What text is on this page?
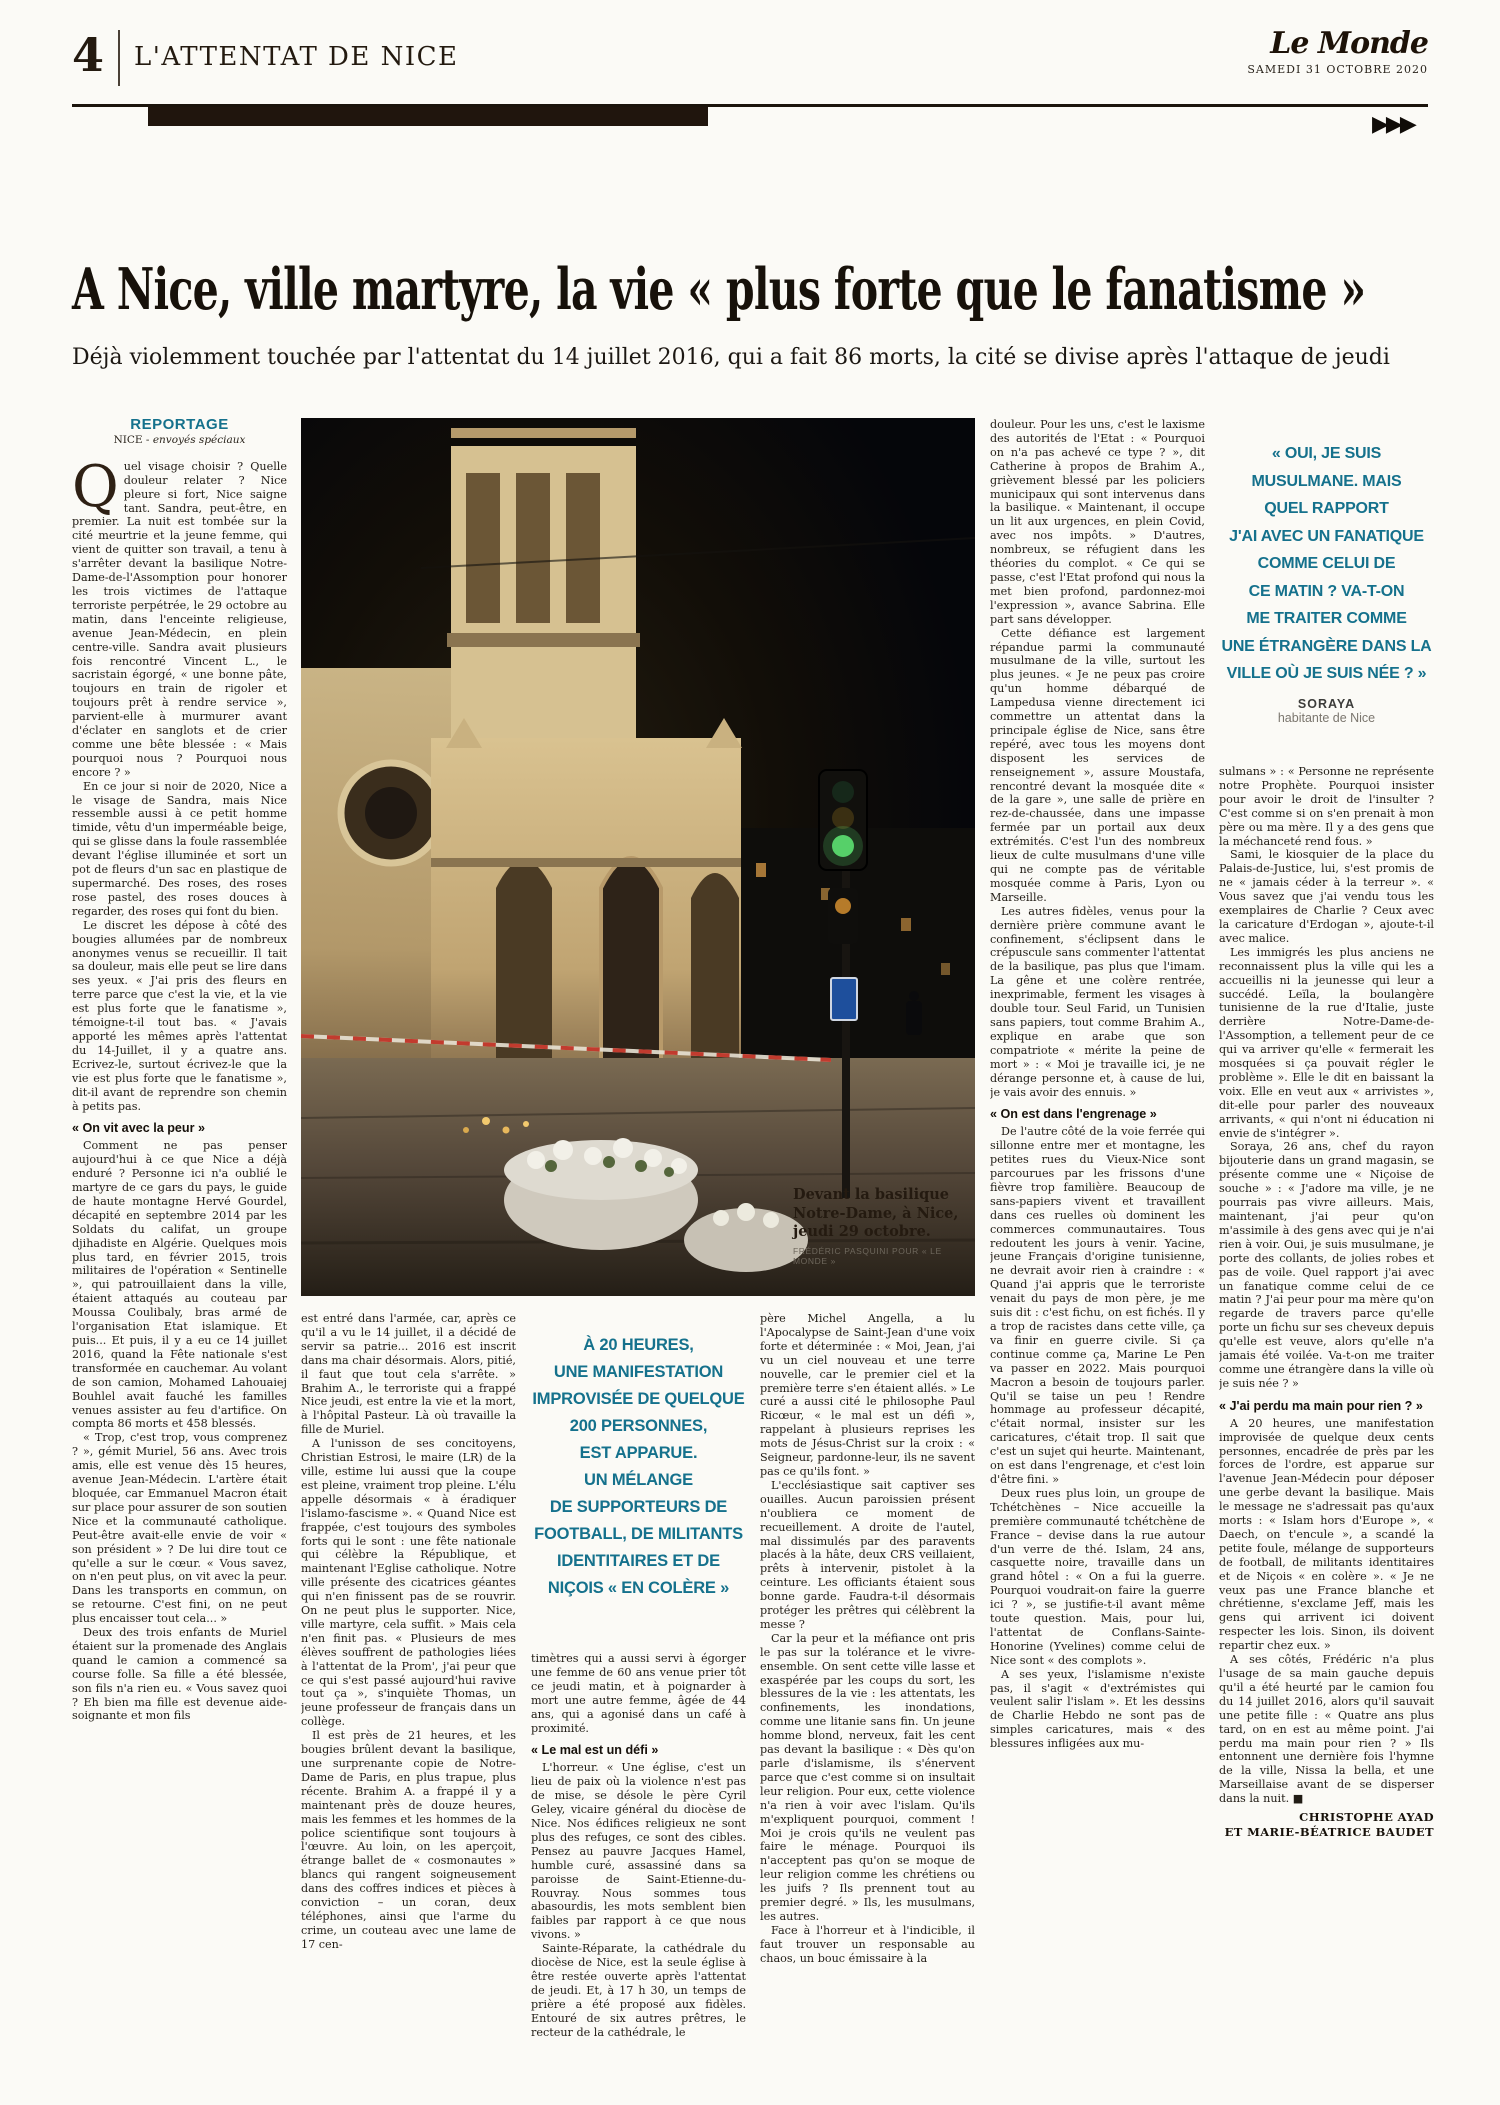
4 L'ATTENTAT DE NICE	Le Monde
SAMEDI 31 OCTOBRE 2020
▶▶▶
A Nice, ville martyre, la vie « plus forte que le fanatisme »
Déjà violemment touchée par l'attentat du 14 juillet 2016, qui a fait 86 morts, la cité se divise après l'attaque de jeudi
Devant la basilique
Notre-Dame, à Nice,
jeudi 29 octobre.
FRÉDÉRIC PASQUINI POUR « LE MONDE »
REPORTAGE
NICE - envoyés spéciaux
Quel visage choisir ? Quelle douleur relater ? Nice pleure si fort, Nice saigne tant. Sandra, peut-être, en premier. La nuit est tombée sur la cité meurtrie et la jeune femme, qui vient de quitter son travail, a tenu à s'arrêter devant la basilique Notre-Dame-de-l'Assomption pour honorer les trois victimes de l'attaque terroriste perpétrée, le 29 octobre au matin, dans l'enceinte religieuse, avenue Jean-Médecin, en plein centre-ville. Sandra avait plusieurs fois rencontré Vincent L., le sacristain égorgé, « une bonne pâte, toujours en train de rigoler et toujours prêt à rendre service », parvient-elle à murmurer avant d'éclater en sanglots et de crier comme une bête blessée : « Mais pourquoi nous ? Pourquoi nous encore ? »
En ce jour si noir de 2020, Nice a le visage de Sandra, mais Nice ressemble aussi à ce petit homme timide, vêtu d'un imperméable beige, qui se glisse dans la foule rassemblée devant l'église illuminée et sort un pot de fleurs d'un sac en plastique de supermarché. Des roses, des roses rose pastel, des roses douces à regarder, des roses qui font du bien.
Le discret les dépose à côté des bougies allumées par de nombreux anonymes venus se recueillir. Il tait sa douleur, mais elle peut se lire dans ses yeux. « J'ai pris des fleurs en terre parce que c'est la vie, et la vie est plus forte que le fanatisme », témoigne-t-il tout bas. « J'avais apporté les mêmes après l'attentat du 14-Juillet, il y a quatre ans. Ecrivez-le, surtout écrivez-le que la vie est plus forte que le fanatisme », dit-il avant de reprendre son chemin à petits pas.
« On vit avec la peur »
Comment ne pas penser aujourd'hui à ce que Nice a déjà enduré ? Personne ici n'a oublié le martyre de ce gars du pays, le guide de haute montagne Hervé Gourdel, décapité en septembre 2014 par les Soldats du califat, un groupe djihadiste en Algérie. Quelques mois plus tard, en février 2015, trois militaires de l'opération « Sentinelle », qui patrouillaient dans la ville, étaient attaqués au couteau par Moussa Coulibaly, bras armé de l'organisation Etat islamique. Et puis... Et puis, il y a eu ce 14 juillet 2016, quand la Fête nationale s'est transformée en cauchemar. Au volant de son camion, Mohamed Lahouaiej Bouhlel avait fauché les familles venues assister au feu d'artifice. On compta 86 morts et 458 blessés.
« Trop, c'est trop, vous comprenez ? », gémit Muriel, 56 ans. Avec trois amis, elle est venue dès 15 heures, avenue Jean-Médecin. L'artère était bloquée, car Emmanuel Macron était sur place pour assurer de son soutien Nice et la communauté catholique. Peut-être avait-elle envie de voir « son président » ? De lui dire tout ce qu'elle a sur le cœur. « Vous savez, on n'en peut plus, on vit avec la peur. Dans les transports en commun, on se retourne. C'est fini, on ne peut plus encaisser tout cela... »
Deux des trois enfants de Muriel étaient sur la promenade des Anglais quand le camion a commencé sa course folle. Sa fille a été blessée, son fils n'a rien eu. « Vous savez quoi ? Eh bien ma fille est devenue aide-soignante et mon fils
est entré dans l'armée, car, après ce qu'il a vu le 14 juillet, il a décidé de servir sa patrie... 2016 est inscrit dans ma chair désormais. Alors, pitié, il faut que tout cela s'arrête. » Brahim A., le terroriste qui a frappé Nice jeudi, est entre la vie et la mort, à l'hôpital Pasteur. Là où travaille la fille de Muriel.
A l'unisson de ses concitoyens, Christian Estrosi, le maire (LR) de la ville, estime lui aussi que la coupe est pleine, vraiment trop pleine. L'élu appelle désormais « à éradiquer l'islamo-fascisme ». « Quand Nice est frappée, c'est toujours des symboles forts qui le sont : une fête nationale qui célèbre la République, et maintenant l'Eglise catholique. Notre ville présente des cicatrices géantes qui n'en finissent pas de se rouvrir. On ne peut plus le supporter. Nice, ville martyre, cela suffit. » Mais cela n'en finit pas. « Plusieurs de mes élèves souffrent de pathologies liées à l'attentat de la Prom', j'ai peur que ce qui s'est passé aujourd'hui ravive tout ça », s'inquiète Thomas, un jeune professeur de français dans un collège.
Il est près de 21 heures, et les bougies brûlent devant la basilique, une surprenante copie de Notre-Dame de Paris, en plus trapue, plus récente. Brahim A. a frappé il y a maintenant près de douze heures, mais les femmes et les hommes de la police scientifique sont toujours à l'œuvre. Au loin, on les aperçoit, étrange ballet de « cosmonautes » blancs qui rangent soigneusement dans des coffres indices et pièces à conviction – un coran, deux téléphones, ainsi que l'arme du crime, un couteau avec une lame de 17 cen-
À 20 HEURES,
UNE MANIFESTATION
IMPROVISÉE DE QUELQUE
200 PERSONNES,
EST APPARUE.
UN MÉLANGE
DE SUPPORTEURS DE
FOOTBALL, DE MILITANTS
IDENTITAIRES ET DE
NIÇOIS « EN COLÈRE »
timètres qui a aussi servi à égorger une femme de 60 ans venue prier tôt ce jeudi matin, et à poignarder à mort une autre femme, âgée de 44 ans, qui a agonisé dans un café à proximité.
« Le mal est un défi »
L'horreur. « Une église, c'est un lieu de paix où la violence n'est pas de mise, se désole le père Cyril Geley, vicaire général du diocèse de Nice. Nos édifices religieux ne sont plus des refuges, ce sont des cibles. Pensez au pauvre Jacques Hamel, humble curé, assassiné dans sa paroisse de Saint-Etienne-du-Rouvray. Nous sommes tous abasourdis, les mots semblent bien faibles par rapport à ce que nous vivons. »
Sainte-Réparate, la cathédrale du diocèse de Nice, est la seule église à être restée ouverte après l'attentat de jeudi. Et, à 17 h 30, un temps de prière a été proposé aux fidèles. Entouré de six autres prêtres, le recteur de la cathédrale, le
père Michel Angella, a lu l'Apocalypse de Saint-Jean d'une voix forte et déterminée : « Moi, Jean, j'ai vu un ciel nouveau et une terre nouvelle, car le premier ciel et la première terre s'en étaient allés. » Le curé a aussi cité le philosophe Paul Ricœur, « le mal est un défi », rappelant à plusieurs reprises les mots de Jésus-Christ sur la croix : « Seigneur, pardonne-leur, ils ne savent pas ce qu'ils font. »
L'ecclésiastique sait captiver ses ouailles. Aucun paroissien présent n'oubliera ce moment de recueillement. A droite de l'autel, mal dissimulés par des paravents placés à la hâte, deux CRS veillaient, prêts à intervenir, pistolet à la ceinture. Les officiants étaient sous bonne garde. Faudra-t-il désormais protéger les prêtres qui célèbrent la messe ?
Car la peur et la méfiance ont pris le pas sur la tolérance et le vivre-ensemble. On sent cette ville lasse et exaspérée par les coups du sort, les blessures de la vie : les attentats, les confinements, les inondations, comme une litanie sans fin. Un jeune homme blond, nerveux, fait les cent pas devant la basilique : « Dès qu'on parle d'islamisme, ils s'énervent parce que c'est comme si on insultait leur religion. Pour eux, cette violence n'a rien à voir avec l'islam. Qu'ils m'expliquent pourquoi, comment ! Moi je crois qu'ils ne veulent pas faire le ménage. Pourquoi ils n'acceptent pas qu'on se moque de leur religion comme les chrétiens ou les juifs ? Ils prennent tout au premier degré. » Ils, les musulmans, les autres.
Face à l'horreur et à l'indicible, il faut trouver un responsable au chaos, un bouc émissaire à la
douleur. Pour les uns, c'est le laxisme des autorités de l'Etat : « Pourquoi on n'a pas achevé ce type ? », dit Catherine à propos de Brahim A., grièvement blessé par les policiers municipaux qui sont intervenus dans la basilique. « Maintenant, il occupe un lit aux urgences, en plein Covid, avec nos impôts. » D'autres, nombreux, se réfugient dans les théories du complot. « Ce qui se passe, c'est l'Etat profond qui nous la met bien profond, pardonnez-moi l'expression », avance Sabrina. Elle part sans développer.
Cette défiance est largement répandue parmi la communauté musulmane de la ville, surtout les plus jeunes. « Je ne peux pas croire qu'un homme débarqué de Lampedusa vienne directement ici commettre un attentat dans la principale église de Nice, sans être repéré, avec tous les moyens dont disposent les services de renseignement », assure Moustafa, rencontré devant la mosquée dite « de la gare », une salle de prière en rez-de-chaussée, dans une impasse fermée par un portail aux deux extrémités. C'est l'un des nombreux lieux de culte musulmans d'une ville qui ne compte pas de véritable mosquée comme à Paris, Lyon ou Marseille.
Les autres fidèles, venus pour la dernière prière commune avant le confinement, s'éclipsent dans le crépuscule sans commenter l'attentat de la basilique, pas plus que l'imam. La gêne et une colère rentrée, inexprimable, ferment les visages à double tour. Seul Farid, un Tunisien sans papiers, tout comme Brahim A., explique en arabe que son compatriote « mérite la peine de mort » : « Moi je travaille ici, je ne dérange personne et, à cause de lui, je vais avoir des ennuis. »
« On est dans l'engrenage »
De l'autre côté de la voie ferrée qui sillonne entre mer et montagne, les petites rues du Vieux-Nice sont parcourues par les frissons d'une fièvre trop familière. Beaucoup de sans-papiers vivent et travaillent dans ces ruelles où dominent les commerces communautaires. Tous redoutent les jours à venir. Yacine, jeune Français d'origine tunisienne, ne devrait avoir rien à craindre : « Quand j'ai appris que le terroriste venait du pays de mon père, je me suis dit : c'est fichu, on est fichés. Il y a trop de racistes dans cette ville, ça va finir en guerre civile. Si ça continue comme ça, Marine Le Pen va passer en 2022. Mais pourquoi Macron a besoin de toujours parler. Qu'il se taise un peu ! Rendre hommage au professeur décapité, c'était normal, insister sur les caricatures, c'était trop. Il sait que c'est un sujet qui heurte. Maintenant, on est dans l'engrenage, et c'est loin d'être fini. »
Deux rues plus loin, un groupe de Tchétchènes – Nice accueille la première communauté tchétchène de France – devise dans la rue autour d'un verre de thé. Islam, 24 ans, casquette noire, travaille dans un grand hôtel : « On a fui la guerre. Pourquoi voudrait-on faire la guerre ici ? », se justifie-t-il avant même toute question. Mais, pour lui, l'attentat de Conflans-Sainte-Honorine (Yvelines) comme celui de Nice sont « des complots ».
A ses yeux, l'islamisme n'existe pas, il s'agit « d'extrémistes qui veulent salir l'islam ». Et les dessins de Charlie Hebdo ne sont pas de simples caricatures, mais « des blessures infligées aux mu-
« OUI, JE SUIS
MUSULMANE. MAIS
QUEL RAPPORT
J'AI AVEC UN FANATIQUE
COMME CELUI DE
CE MATIN ? VA-T-ON
ME TRAITER COMME
UNE ÉTRANGÈRE DANS LA
VILLE OÙ JE SUIS NÉE ? »
SORAYA
habitante de Nice
sulmans » : « Personne ne représente notre Prophète. Pourquoi insister pour avoir le droit de l'insulter ? C'est comme si on s'en prenait à mon père ou ma mère. Il y a des gens que la méchanceté rend fous. »
Sami, le kiosquier de la place du Palais-de-Justice, lui, s'est promis de ne « jamais céder à la terreur ». « Vous savez que j'ai vendu tous les exemplaires de Charlie ? Ceux avec la caricature d'Erdogan », ajoute-t-il avec malice.
Les immigrés les plus anciens ne reconnaissent plus la ville qui les a accueillis ni la jeunesse qui leur a succédé. Leïla, la boulangère tunisienne de la rue d'Italie, juste derrière Notre-Dame-de-l'Assomption, a tellement peur de ce qui va arriver qu'elle « fermerait les mosquées si ça pouvait régler le problème ». Elle le dit en baissant la voix. Elle en veut aux « arrivistes », dit-elle pour parler des nouveaux arrivants, « qui n'ont ni éducation ni envie de s'intégrer ».
Soraya, 26 ans, chef du rayon bijouterie dans un grand magasin, se présente comme une « Niçoise de souche » : « J'adore ma ville, je ne pourrais pas vivre ailleurs. Mais, maintenant, j'ai peur qu'on m'assimile à des gens avec qui je n'ai rien à voir. Oui, je suis musulmane, je porte des collants, de jolies robes et pas de voile. Quel rapport j'ai avec un fanatique comme celui de ce matin ? J'ai peur pour ma mère qu'on regarde de travers parce qu'elle porte un fichu sur ses cheveux depuis qu'elle est veuve, alors qu'elle n'a jamais été voilée. Va-t-on me traiter comme une étrangère dans la ville où je suis née ? »
« J'ai perdu ma main pour rien ? »
A 20 heures, une manifestation improvisée de quelque deux cents personnes, encadrée de près par les forces de l'ordre, est apparue sur l'avenue Jean-Médecin pour déposer une gerbe devant la basilique. Mais le message ne s'adressait pas qu'aux morts : « Islam hors d'Europe », « Daech, on t'encule », a scandé la petite foule, mélange de supporteurs de football, de militants identitaires et de Niçois « en colère ». « Je ne veux pas une France blanche et chrétienne, s'exclame Jeff, mais les gens qui arrivent ici doivent respecter les lois. Sinon, ils doivent repartir chez eux. »
A ses côtés, Frédéric n'a plus l'usage de sa main gauche depuis qu'il a été heurté par le camion fou du 14 juillet 2016, alors qu'il sauvait une petite fille : « Quatre ans plus tard, on en est au même point. J'ai perdu ma main pour rien ? » Ils entonnent une dernière fois l'hymne de la ville, Nissa la bella, et une Marseillaise avant de se disperser dans la nuit. ■
CHRISTOPHE AYAD
ET MARIE-BÉATRICE BAUDET
